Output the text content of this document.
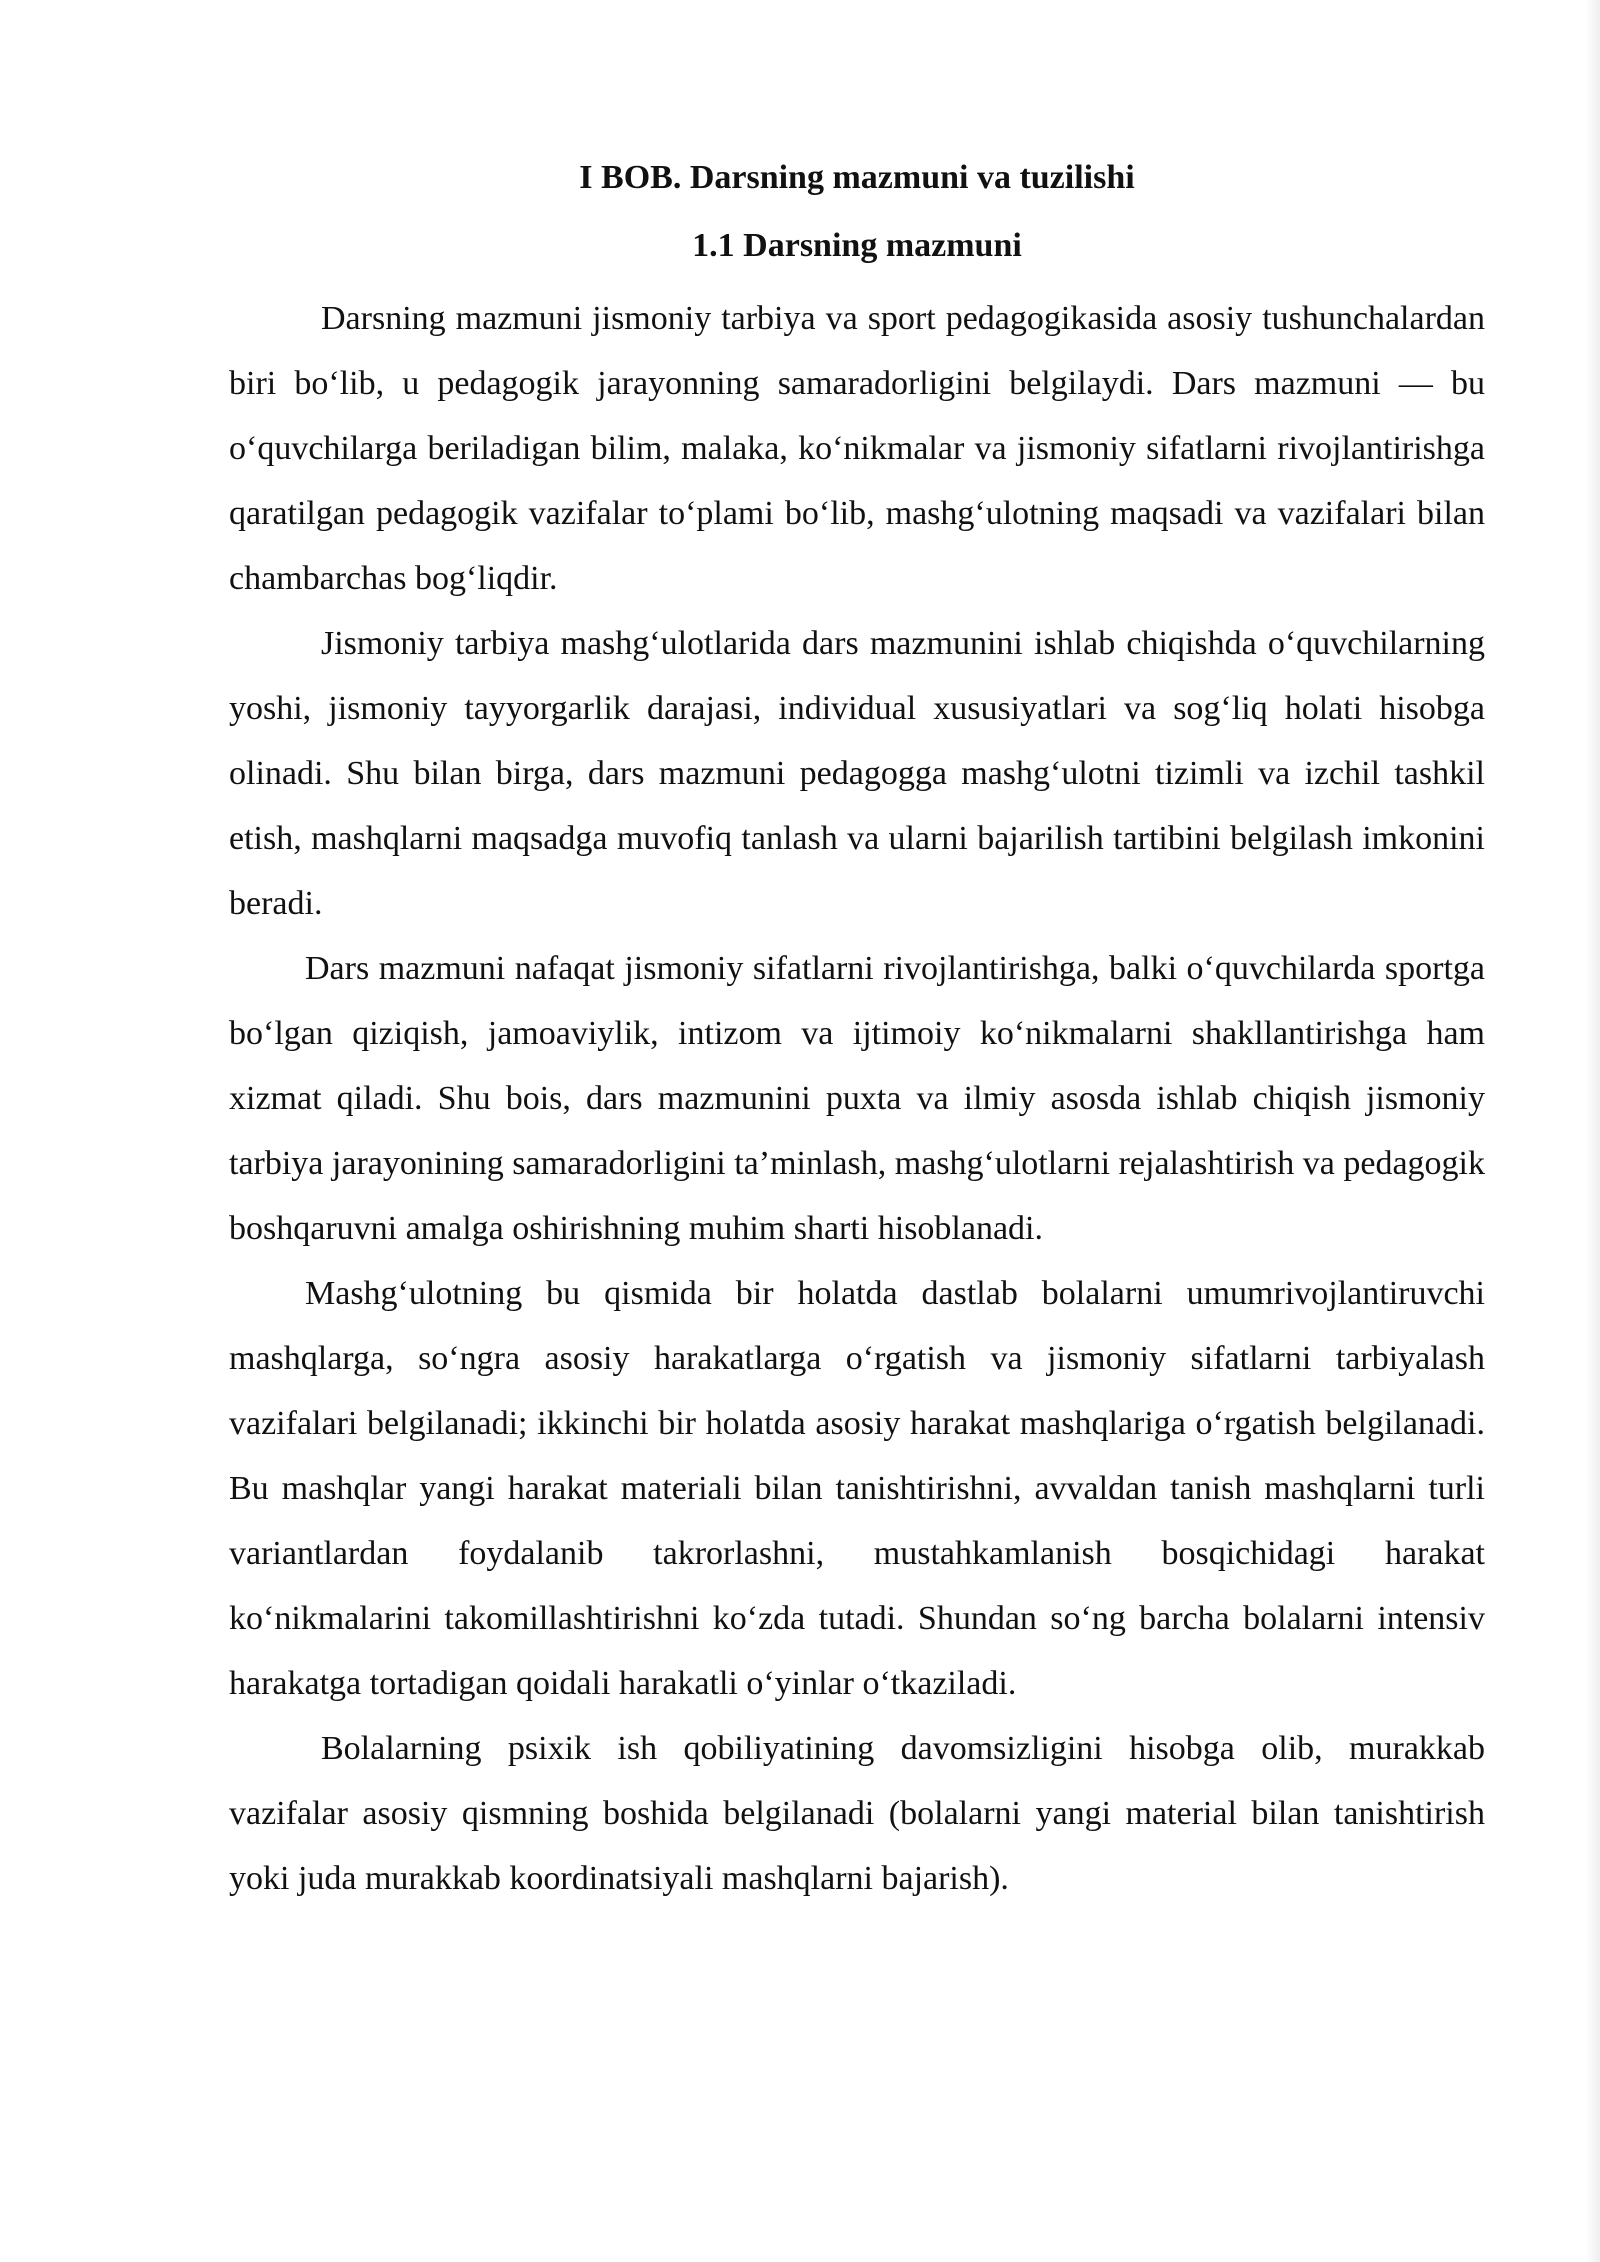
I BOB. Darsning mazmuni va tuzilishi
1.1 Darsning mazmuni

Darsning mazmuni jismoniy tarbiya va sport pedagogikasida asosiy tushunchalardan biri bo‘lib, u pedagogik jarayonning samaradorligini belgilaydi. Dars mazmuni — bu o‘quvchilarga beriladigan bilim, malaka, ko‘nikmalar va jismoniy sifatlarni rivojlantirishga qaratilgan pedagogik vazifalar to‘plami bo‘lib, mashg‘ulotning maqsadi va vazifalari bilan chambarchas bog‘liqdir.

Jismoniy tarbiya mashg‘ulotlarida dars mazmunini ishlab chiqishda o‘quvchilarning yoshi, jismoniy tayyorgarlik darajasi, individual xususiyatlari va sog‘liq holati hisobga olinadi. Shu bilan birga, dars mazmuni pedagogga mashg‘ulotni tizimli va izchil tashkil etish, mashqlarni maqsadga muvofiq tanlash va ularni bajarilish tartibini belgilash imkonini beradi.

Dars mazmuni nafaqat jismoniy sifatlarni rivojlantirishga, balki o‘quvchilarda sportga bo‘lgan qiziqish, jamoaviylik, intizom va ijtimoiy ko‘nikmalarni shakllantirishga ham xizmat qiladi. Shu bois, dars mazmunini puxta va ilmiy asosda ishlab chiqish jismoniy tarbiya jarayonining samaradorligini ta’minlash, mashg‘ulotlarni rejalashtirish va pedagogik boshqaruvni amalga oshirishning muhim sharti hisoblanadi.

Mashg‘ulotning bu qismida bir holatda dastlab bolalarni umumrivojlantiruvchi mashqlarga, so‘ngra asosiy harakatlarga o‘rgatish va jismoniy sifatlarni tarbiyalash vazifalari belgilanadi; ikkinchi bir holatda asosiy harakat mashqlariga o‘rgatish belgilanadi. Bu mashqlar yangi harakat materiali bilan tanishtirishni, avvaldan tanish mashqlarni turli variantlardan foydalanib takrorlashni, mustahkamlanish bosqichidagi harakat ko‘nikmalarini takomillashtirishni ko‘zda tutadi. Shundan so‘ng barcha bolalarni intensiv harakatga tortadigan qoidali harakatli o‘yinlar o‘tkaziladi.

Bolalarning psixik ish qobiliyatining davomsizligini hisobga olib, murakkab vazifalar asosiy qismning boshida belgilanadi (bolalarni yangi material bilan tanishtirish yoki juda murakkab koordinatsiyali mashqlarni bajarish).
